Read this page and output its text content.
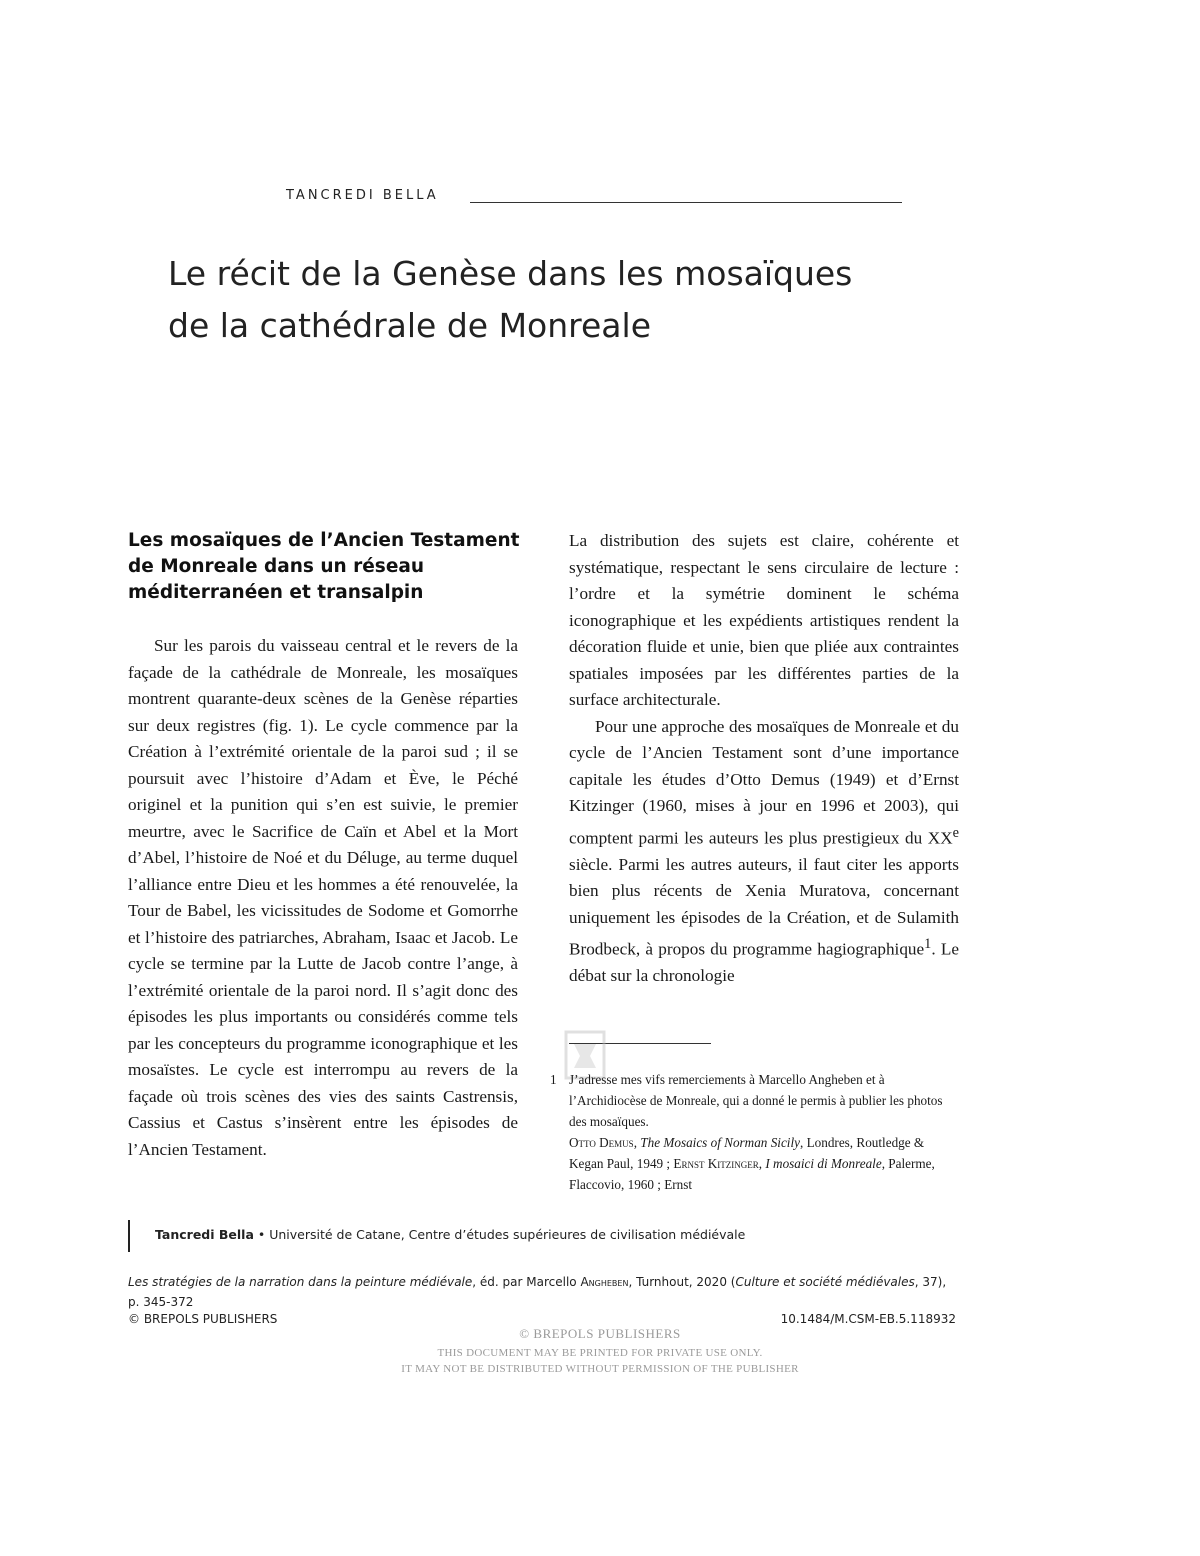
TANCREDI BELLA
Le récit de la Genèse dans les mosaïques
de la cathédrale de Monreale
Les mosaïques de l’Ancien Testament
de Monreale dans un réseau
méditerranéen et transalpin

Sur les parois du vaisseau central et le revers de la façade de la cathédrale de Monreale, les mosaïques montrent quarante-deux scènes de la Genèse réparties sur deux registres (fig. 1). Le cycle commence par la Création à l’extrémité orientale de la paroi sud ; il se poursuit avec l’histoire d’Adam et Ève, le Péché originel et la punition qui s’en est suivie, le premier meurtre, avec le Sacrifice de Caïn et Abel et la Mort d’Abel, l’histoire de Noé et du Déluge, au terme duquel l’alliance entre Dieu et les hommes a été renouvelée, la Tour de Babel, les vicissitudes de Sodome et Gomorrhe et l’histoire des patriarches, Abraham, Isaac et Jacob. Le cycle se termine par la Lutte de Jacob contre l’ange, à l’extrémité orientale de la paroi nord. Il s’agit donc des épisodes les plus importants ou considérés comme tels par les concepteurs du programme iconographique et les mosaïstes. Le cycle est interrompu au revers de la façade où trois scènes des vies des saints Castrensis, Cassius et Castus s’insèrent entre les épisodes de l’Ancien Testament.

La distribution des sujets est claire, cohérente et systématique, respectant le sens circulaire de lecture : l’ordre et la symétrie dominent le schéma iconographique et les expédients artistiques rendent la décoration fluide et unie, bien que pliée aux contraintes spatiales imposées par les différentes parties de la surface architecturale.

Pour une approche des mosaïques de Monreale et du cycle de l’Ancien Testament sont d’une importance capitale les études d’Otto Demus (1949) et d’Ernst Kitzinger (1960, mises à jour en 1996 et 2003), qui comptent parmi les auteurs les plus prestigieux du XXe siècle. Parmi les autres auteurs, il faut citer les apports bien plus récents de Xenia Muratova, concernant uniquement les épisodes de la Création, et de Sulamith Brodbeck, à propos du programme hagiographique$^1$. Le débat sur la chronologie

1 J’adresse mes vifs remerciements à Marcello Angheben et à l’Archidiocèse de Monreale, qui a donné le permis à publier les photos des mosaïques.

Otto Demus, The Mosaics of Norman Sicily, Londres, Routledge & Kegan Paul, 1949 ; Ernst Kitzinger, I mosaici di Monreale, Palerme, Flaccovio, 1960 ; Ernst

Tancredi Bella • Université de Catane, Centre d’études supérieures de civilisation médiévale
Les stratégies de la narration dans la peinture médiévale, éd. par Marcello Angheben, Turnhout, 2020 (Culture et société médiévales, 37),
p. 345-372
© BREPOLS PUBLISHERS	10.1484/M.CSM-EB.5.118932
© BREPOLS PUBLISHERS
THIS DOCUMENT MAY BE PRINTED FOR PRIVATE USE ONLY.
IT MAY NOT BE DISTRIBUTED WITHOUT PERMISSION OF THE PUBLISHER
